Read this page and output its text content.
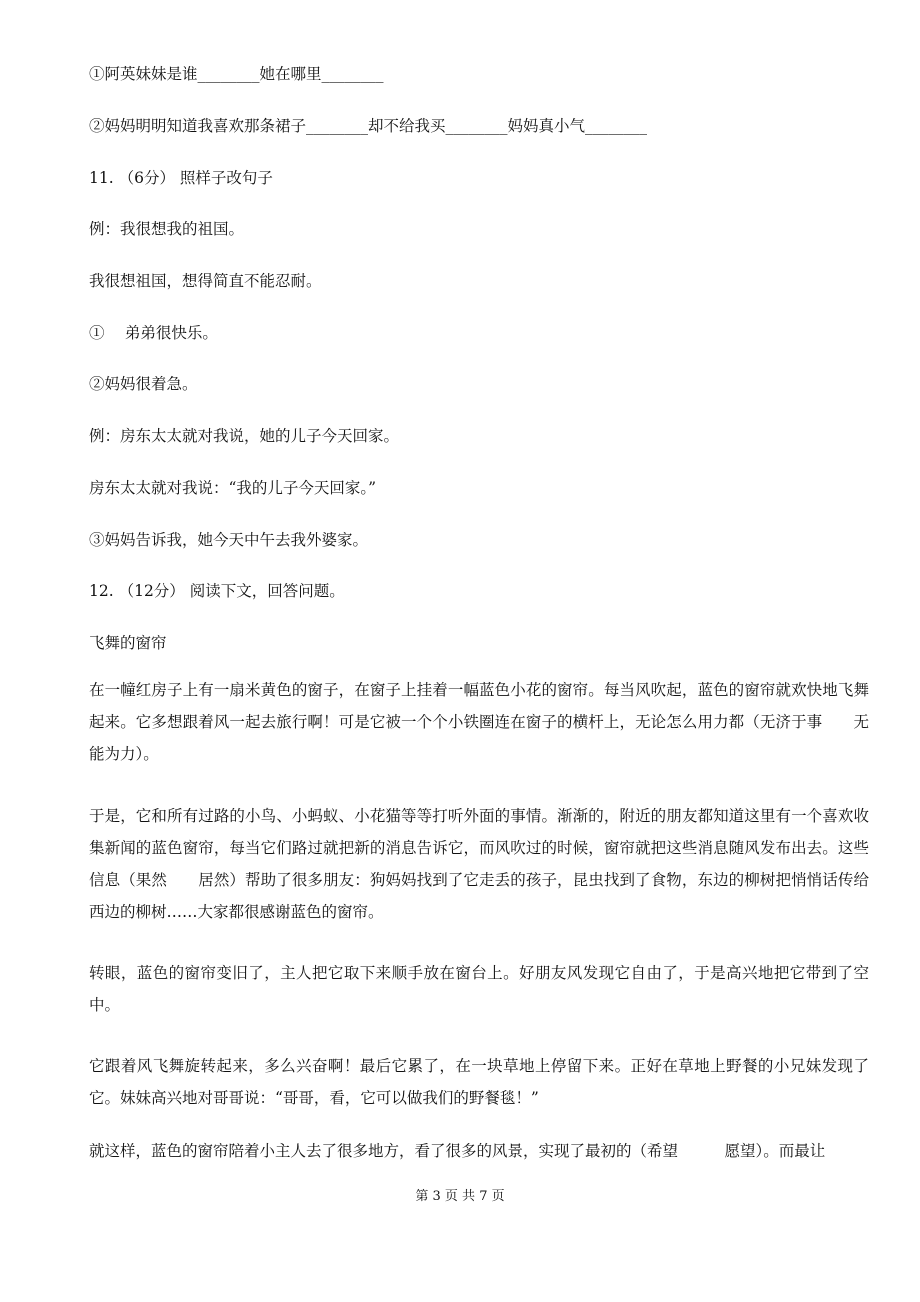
①阿英妹妹是谁________她在哪里________
②妈妈明明知道我喜欢那条裙子________却不给我买________妈妈真小气________
11. （6分） 照样子改句子
例：我很想我的祖国。
我很想祖国，想得简直不能忍耐。
①　 弟弟很快乐。
②妈妈很着急。
例：房东太太就对我说，她的儿子今天回家。
房东太太就对我说：“我的儿子今天回家。”
③妈妈告诉我，她今天中午去我外婆家。
12. （12分） 阅读下文，回答问题。
飞舞的窗帘
在一幢红房子上有一扇米黄色的窗子，在窗子上挂着一幅蓝色小花的窗帘。每当风吹起，蓝色的窗帘就欢快地飞舞起来。它多想跟着风一起去旅行啊！可是它被一个个小铁圈连在窗子的横杆上，无论怎么用力都（无济于事　　无能为力）。
于是，它和所有过路的小鸟、小蚂蚁、小花猫等等打听外面的事情。渐渐的，附近的朋友都知道这里有一个喜欢收集新闻的蓝色窗帘，每当它们路过就把新的消息告诉它，而风吹过的时候，窗帘就把这些消息随风发布出去。这些信息（果然　　居然）帮助了很多朋友：狗妈妈找到了它走丢的孩子，昆虫找到了食物，东边的柳树把悄悄话传给西边的柳树……大家都很感谢蓝色的窗帘。
转眼，蓝色的窗帘变旧了，主人把它取下来顺手放在窗台上。好朋友风发现它自由了，于是高兴地把它带到了空中。
它跟着风飞舞旋转起来，多么兴奋啊！最后它累了，在一块草地上停留下来。正好在草地上野餐的小兄妹发现了它。妹妹高兴地对哥哥说：“哥哥，看，它可以做我们的野餐毯！”
就这样，蓝色的窗帘陪着小主人去了很多地方，看了很多的风景，实现了最初的（希望　　　愿望）。而最让
第 3 页 共 7 页
